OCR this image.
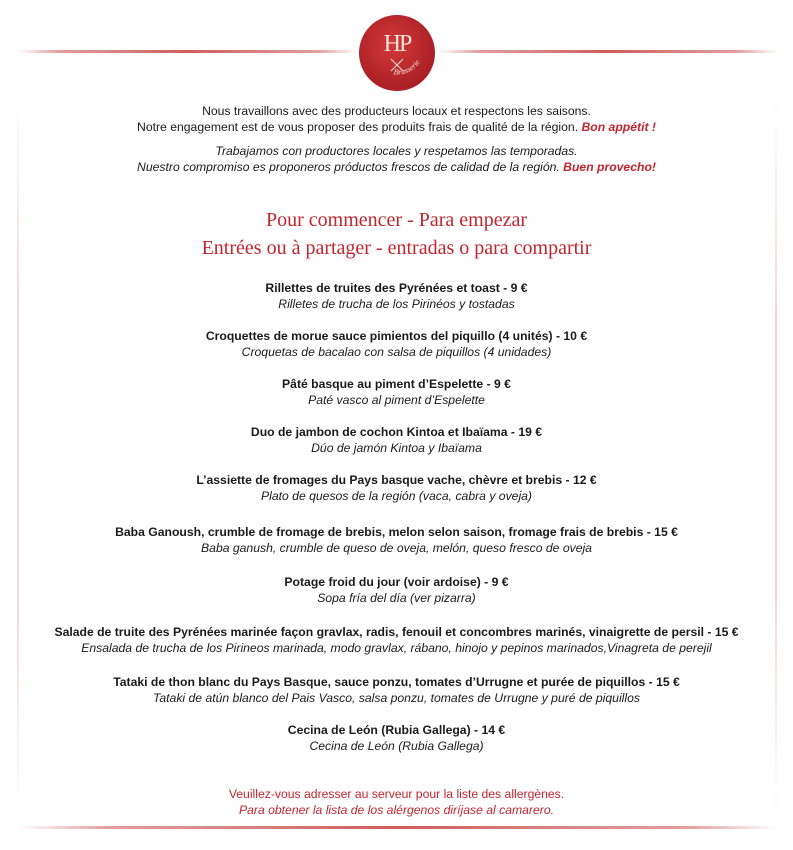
HP
Brasserie
Nous travaillons avec des producteurs locaux et respectons les saisons.
Notre engagement est de vous proposer des produits frais de qualité de la région. Bon appétit !
Trabajamos con productores locales y respetamos las temporadas.
Nuestro compromiso es proponeros próductos frescos de calidad de la región. Buen provecho!
Pour commencer - Para empezar
Entrées ou à partager - entradas o para compartir
Rillettes de truites des Pyrénées et toast - 9 €
Rilletes de trucha de los Pirinéos y tostadas
Croquettes de morue sauce pimientos del piquillo (4 unités) - 10 €
Croquetas de bacalao con salsa de piquillos (4 unidades)
Pâté basque au piment d’Espelette - 9 €
Paté vasco al piment d’Espelette
Duo de jambon de cochon Kintoa et Ibaïama - 19 €
Dúo de jamón Kintoa y Ibaïama
L’assiette de fromages du Pays basque vache, chèvre et brebis - 12 €
Plato de quesos de la región (vaca, cabra y oveja)
Baba Ganoush, crumble de fromage de brebis, melon selon saison, fromage frais de brebis - 15 €
Baba ganush, crumble de queso de oveja, melón, queso fresco de oveja
Potage froid du jour (voir ardoise) - 9 €
Sopa fría del día (ver pizarra)
Salade de truite des Pyrénées marinée façon gravlax, radis, fenouil et concombres marinés, vinaigrette de persil - 15 €
Ensalada de trucha de los Pirineos marinada, modo gravlax, rábano, hinojo y pepinos marinados,Vinagreta de perejil
Tataki de thon blanc du Pays Basque, sauce ponzu, tomates d’Urrugne et purée de piquillos - 15 €
Tataki de atún blanco del Pais Vasco, salsa ponzu, tomates de Urrugne y puré de piquillos
Cecina de León (Rubia Gallega) - 14 €
Cecina de León (Rubia Gallega)
Veuillez-vous adresser au serveur pour la liste des allergènes.
Para obtener la lista de los alérgenos diríjase al camarero.
